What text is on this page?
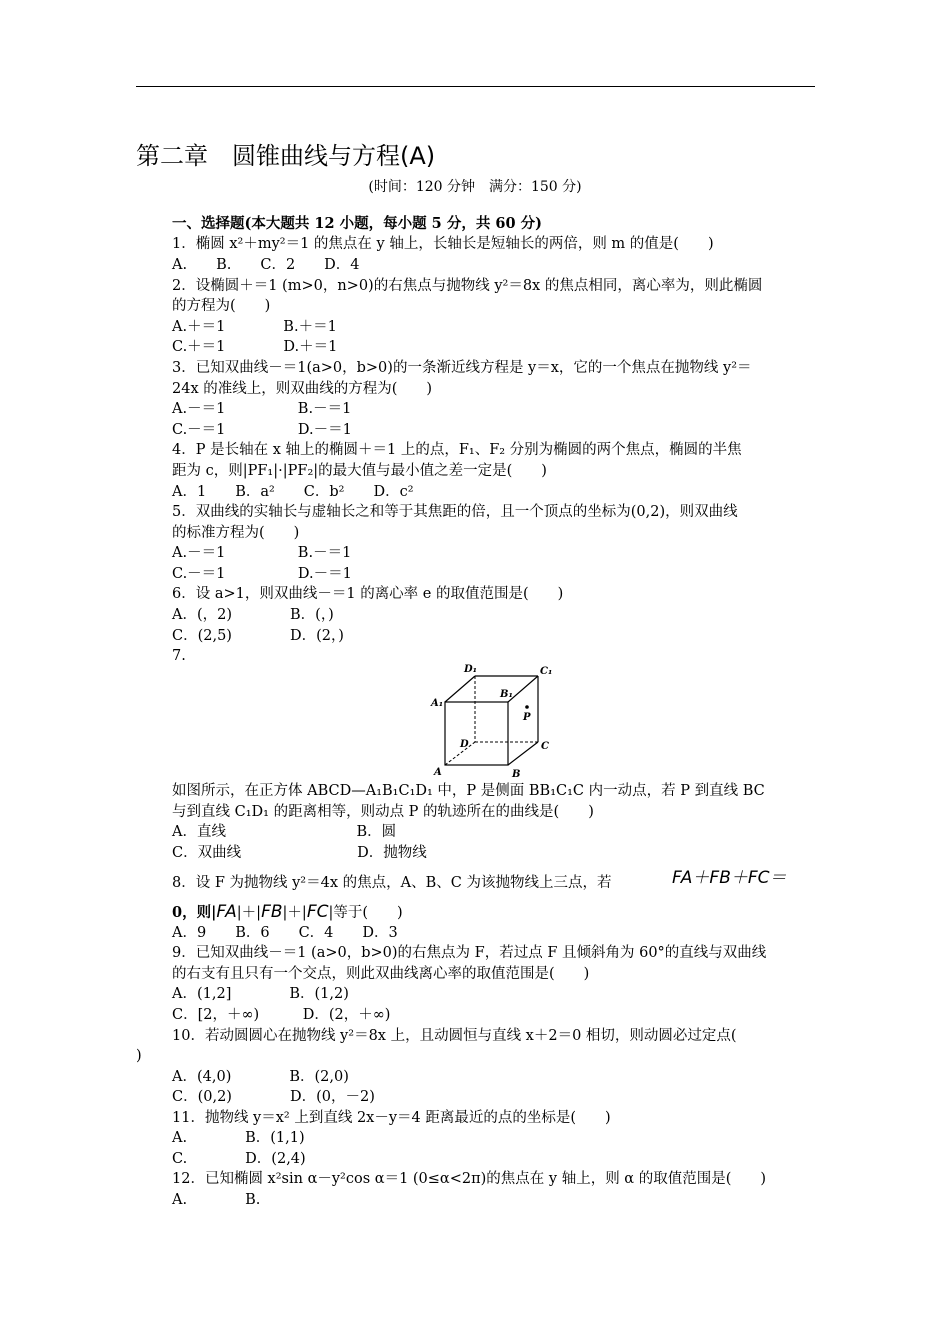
第二章　圆锥曲线与方程(A)
(时间：120 分钟　满分：150 分)
一、选择题(本大题共 12 小题，每小题 5 分，共 60 分)
1．椭圆 x²＋my²＝1 的焦点在 y 轴上，长轴长是短轴长的两倍，则 m 的值是(　　)
A.　　B.　　C．2　　D．4
2．设椭圆＋＝1 (m>0，n>0)的右焦点与抛物线 y²＝8x 的焦点相同，离心率为，则此椭圆
的方程为(　　)
A.＋＝1　　　　B.＋＝1
C.＋＝1　　　　D.＋＝1
3．已知双曲线－＝1(a>0，b>0)的一条渐近线方程是 y＝x，它的一个焦点在抛物线 y²＝
24x 的准线上，则双曲线的方程为(　　)
A.－＝1　　　　　B.－＝1
C.－＝1　　　　　D.－＝1
4．P 是长轴在 x 轴上的椭圆＋＝1 上的点，F₁、F₂ 分别为椭圆的两个焦点，椭圆的半焦
距为 c，则|PF₁|·|PF₂|的最大值与最小值之差一定是(　　)
A．1　　B．a²　　C．b²　　D．c²
5．双曲线的实轴长与虚轴长之和等于其焦距的倍，且一个顶点的坐标为(0,2)，则双曲线
的标准方程为(　　)
A.－＝1　　　　　B.－＝1
C.－＝1　　　　　D.－＝1
6．设 a>1，则双曲线－＝1 的离心率 e 的取值范围是(　　)
A．(，2)　　　　B．(，)
C．(2,5)　　　　D．(2，)
7.
D₁	C₁
B₁
A₁
P
D	C
A	B
如图所示，在正方体 ABCD—A₁B₁C₁D₁ 中，P 是侧面 BB₁C₁C 内一动点，若 P 到直线 BC
与到直线 C₁D₁ 的距离相等，则动点 P 的轨迹所在的曲线是(　　)
A．直线　　　　　　　　　B．圆
C．双曲线　　　　　　　　D．抛物线
8．设 F 为抛物线 y²＝4x 的焦点，A、B、C 为该抛物线上三点，若	FA＋FB＋FC＝
0，则|FA|＋|FB|＋|FC|等于(　　)
A．9　　B．6　　C．4　　D．3
9．已知双曲线－＝1 (a>0，b>0)的右焦点为 F，若过点 F 且倾斜角为 60°的直线与双曲线
的右支有且只有一个交点，则此双曲线离心率的取值范围是(　　)
A．(1,2]　　　　B．(1,2)
C．[2，＋∞)　　　D．(2，＋∞)
10．若动圆圆心在抛物线 y²＝8x 上，且动圆恒与直线 x＋2＝0 相切，则动圆必过定点(
)
A．(4,0)　　　　B．(2,0)
C．(0,2)　　　　D．(0，－2)
11．抛物线 y＝x² 上到直线 2x－y＝4 距离最近的点的坐标是(　　)
A.　　　　B．(1,1)
C.　　　　D．(2,4)
12．已知椭圆 x²sin α－y²cos α＝1 (0≤α<2π)的焦点在 y 轴上，则 α 的取值范围是(　　)
A.　　　　B.
